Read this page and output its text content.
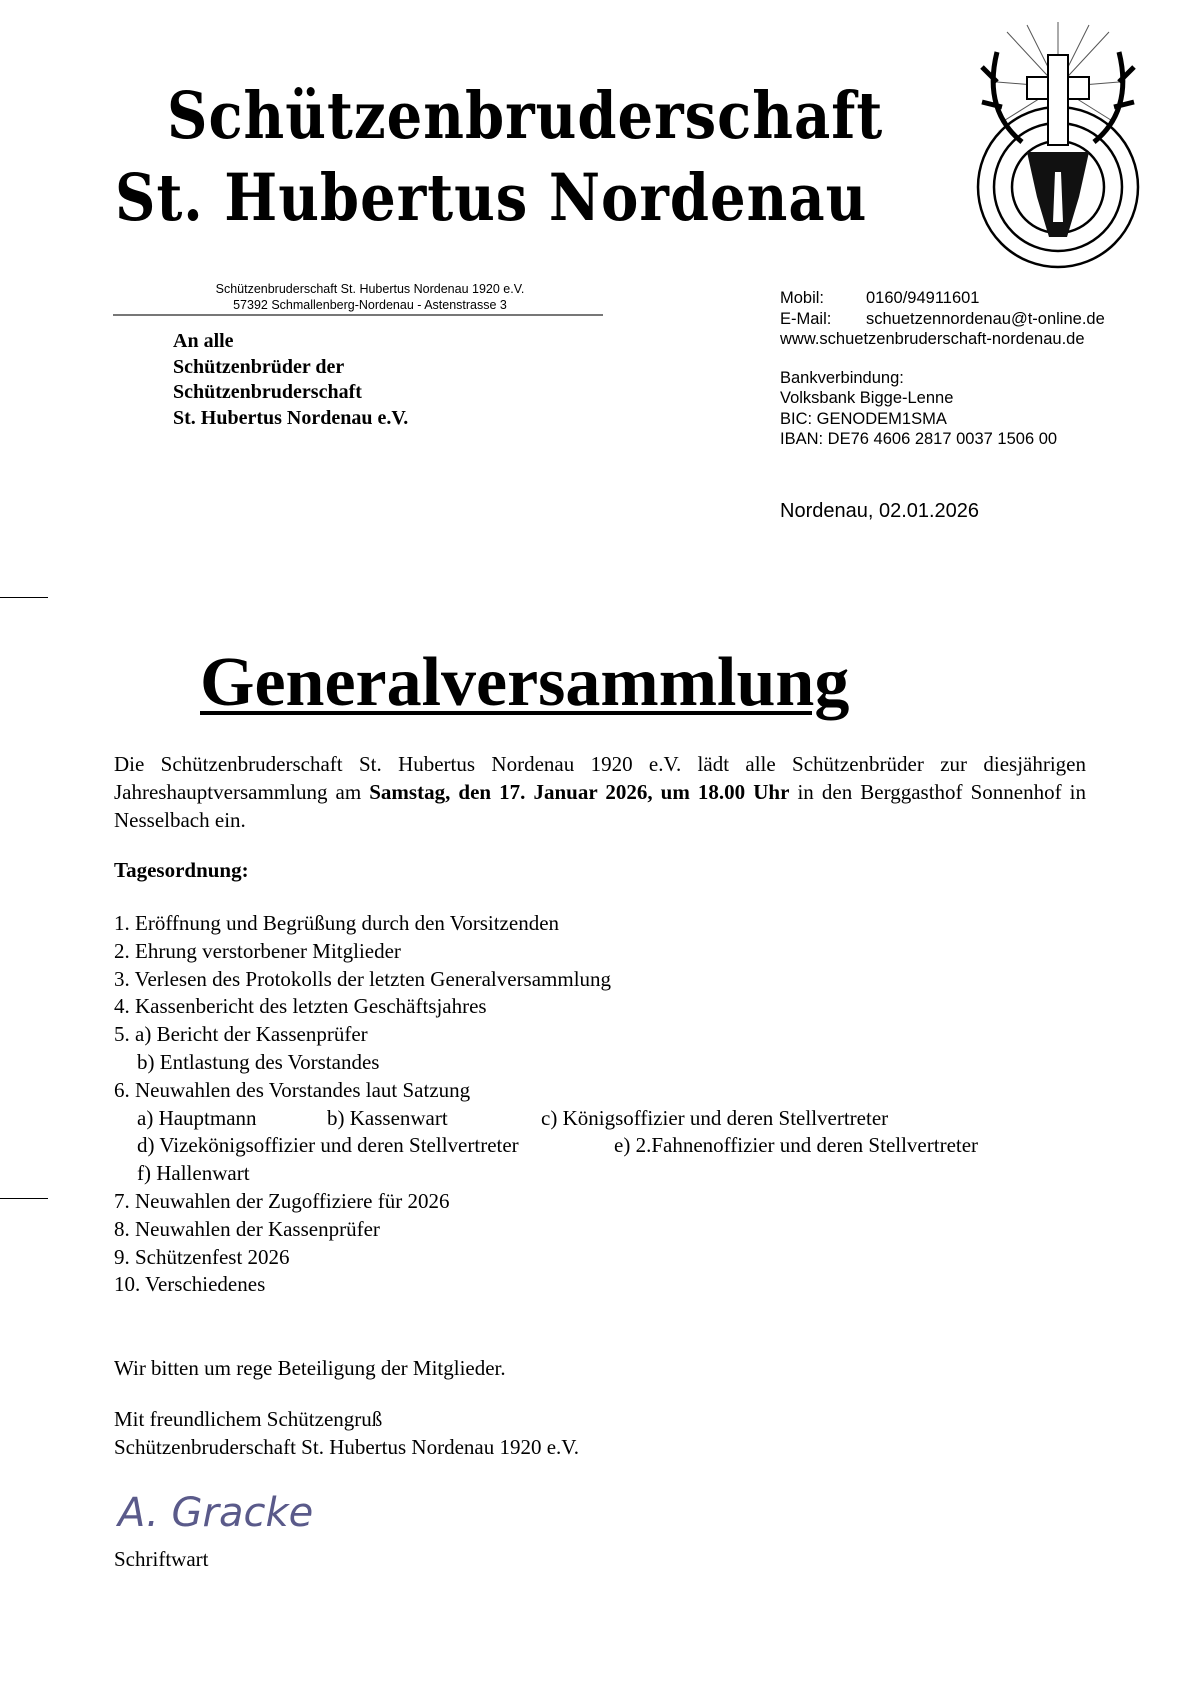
Schützenbruderschaft
St. Hubertus Nordenau
Schützenbruderschaft St. Hubertus Nordenau 1920 e.V.
57392 Schmallenberg-Nordenau - Astenstrasse 3
An alle
Schützenbrüder der
Schützenbruderschaft
St. Hubertus Nordenau e.V.
Mobil:	0160/94911601
E-Mail: schuetzennordenau@t-online.de
www.schuetzenbruderschaft-nordenau.de
Bankverbindung:
Volksbank Bigge-Lenne
BIC: GENODEM1SMA
IBAN: DE76 4606 2817 0037 1506 00
Nordenau, 02.01.2026
Generalversammlung
Die Schützenbruderschaft St. Hubertus Nordenau 1920 e.V. lädt alle Schützenbrüder zur diesjährigen Jahreshauptversammlung am Samstag, den 17. Januar 2026, um 18.00 Uhr in den Berggasthof Sonnenhof in Nesselbach ein.
Tagesordnung:
1. Eröffnung und Begrüßung durch den Vorsitzenden
2. Ehrung verstorbener Mitglieder
3. Verlesen des Protokolls der letzten Generalversammlung
4. Kassenbericht des letzten Geschäftsjahres
5. a) Bericht der Kassenprüfer
b) Entlastung des Vorstandes
6. Neuwahlen des Vorstandes laut Satzung
a) Hauptmann	b) Kassenwart	c) Königsoffizier und deren Stellvertreter
d) Vizekönigsoffizier und deren Stellvertreter	e) 2.Fahnenoffizier und deren Stellvertreter
f) Hallenwart
7. Neuwahlen der Zugoffiziere für 2026
8. Neuwahlen der Kassenprüfer
9. Schützenfest 2026
10. Verschiedenes
Wir bitten um rege Beteiligung der Mitglieder.
Mit freundlichem Schützengruß
Schützenbruderschaft St. Hubertus Nordenau 1920 e.V.
A. Gracke
Schriftwart
